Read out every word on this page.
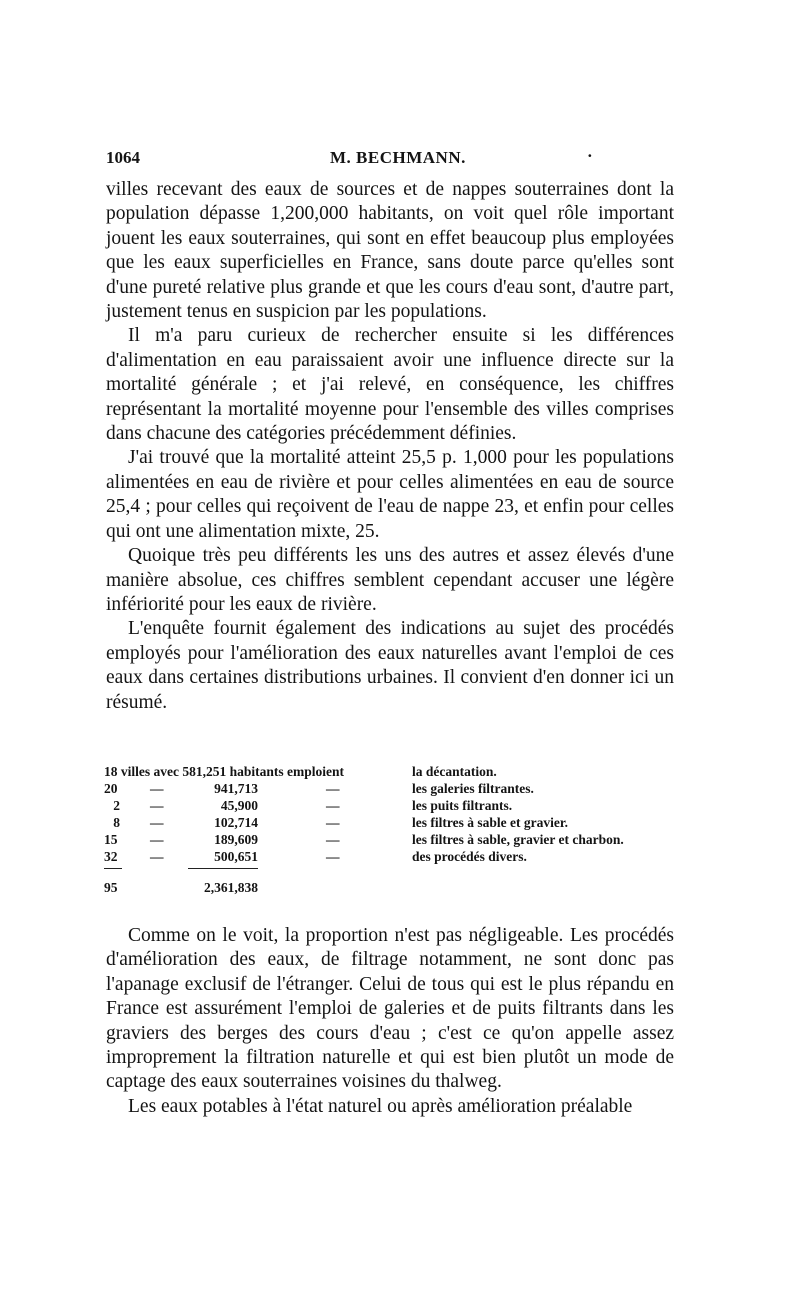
1064	M. BECHMANN.	·

villes recevant des eaux de sources et de nappes souterraines dont la population dépasse 1,200,000 habitants, on voit quel rôle important jouent les eaux souterraines, qui sont en effet beaucoup plus employées que les eaux superficielles en France, sans doute parce qu'elles sont d'une pureté relative plus grande et que les cours d'eau sont, d'autre part, justement tenus en suspicion par les populations.

Il m'a paru curieux de rechercher ensuite si les différences d'alimentation en eau paraissaient avoir une influence directe sur la mortalité générale ; et j'ai relevé, en conséquence, les chiffres représentant la mortalité moyenne pour l'ensemble des villes comprises dans chacune des catégories précédemment définies.

J'ai trouvé que la mortalité atteint 25,5 p. 1,000 pour les populations alimentées en eau de rivière et pour celles alimentées en eau de source 25,4 ; pour celles qui reçoivent de l'eau de nappe 23, et enfin pour celles qui ont une alimentation mixte, 25.

Quoique très peu différents les uns des autres et assez élevés d'une manière absolue, ces chiffres semblent cependant accuser une légère infériorité pour les eaux de rivière.

L'enquête fournit également des indications au sujet des procédés employés pour l'amélioration des eaux naturelles avant l'emploi de ces eaux dans certaines distributions urbaines. Il convient d'en donner ici un résumé.

18 villes avec 581,251 habitants emploient	la décantation.
20	—	941,713	—	les galeries filtrantes.
2 —	45,900	—	les puits filtrants.
8 —	102,714	—	les filtres à sable et gravier.
15	—	189,609	—	les filtres à sable, gravier et charbon.
32	—	500,651	—	des procédés divers.
95	2,361,838

Comme on le voit, la proportion n'est pas négligeable. Les procédés d'amélioration des eaux, de filtrage notamment, ne sont donc pas l'apanage exclusif de l'étranger. Celui de tous qui est le plus répandu en France est assurément l'emploi de galeries et de puits filtrants dans les graviers des berges des cours d'eau ; c'est ce qu'on appelle assez improprement la filtration naturelle et qui est bien plutôt un mode de captage des eaux souterraines voisines du thalweg.

Les eaux potables à l'état naturel ou après amélioration préalable
